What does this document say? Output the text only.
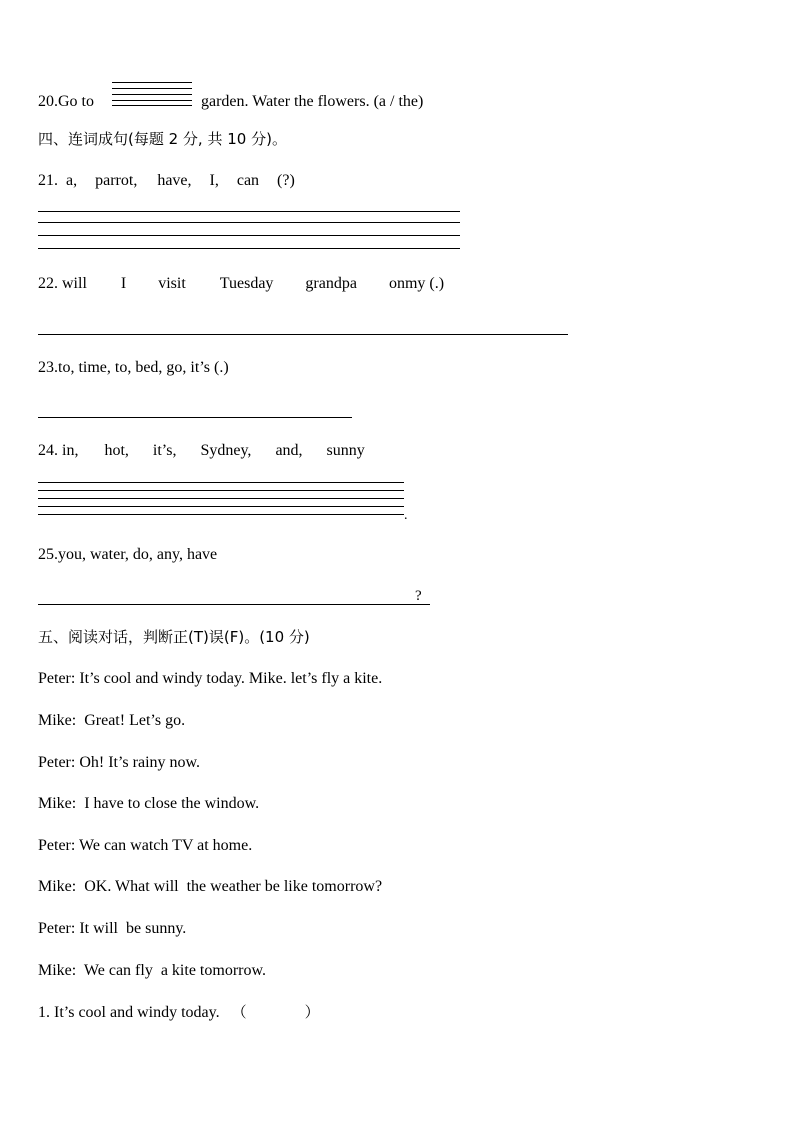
20.Go to	garden. Water the flowers. (a / the)
四、连词成句(每题 2 分, 共 10 分)。
21. a, parrot, have, I, can (?)
22. will I visit Tuesday grandpa onmy (.)
23.to, time, to, bed, go, it’s (.)
24. in, hot, it’s, Sydney, and, sunny
.
25.you, water, do, any, have
?
五、阅读对话，判断正(T)误(F)。(10 分)
Peter: It’s cool and windy today. Mike. let’s fly a kite.
Mike:  Great! Let’s go.
Peter: Oh! It’s rainy now.
Mike:  I have to close the window.
Peter: We can watch TV at home.
Mike:  OK. What will  the weather be like tomorrow?
Peter: It will  be sunny.
Mike:  We can fly  a kite tomorrow.
1. It’s cool and windy today. （	）
